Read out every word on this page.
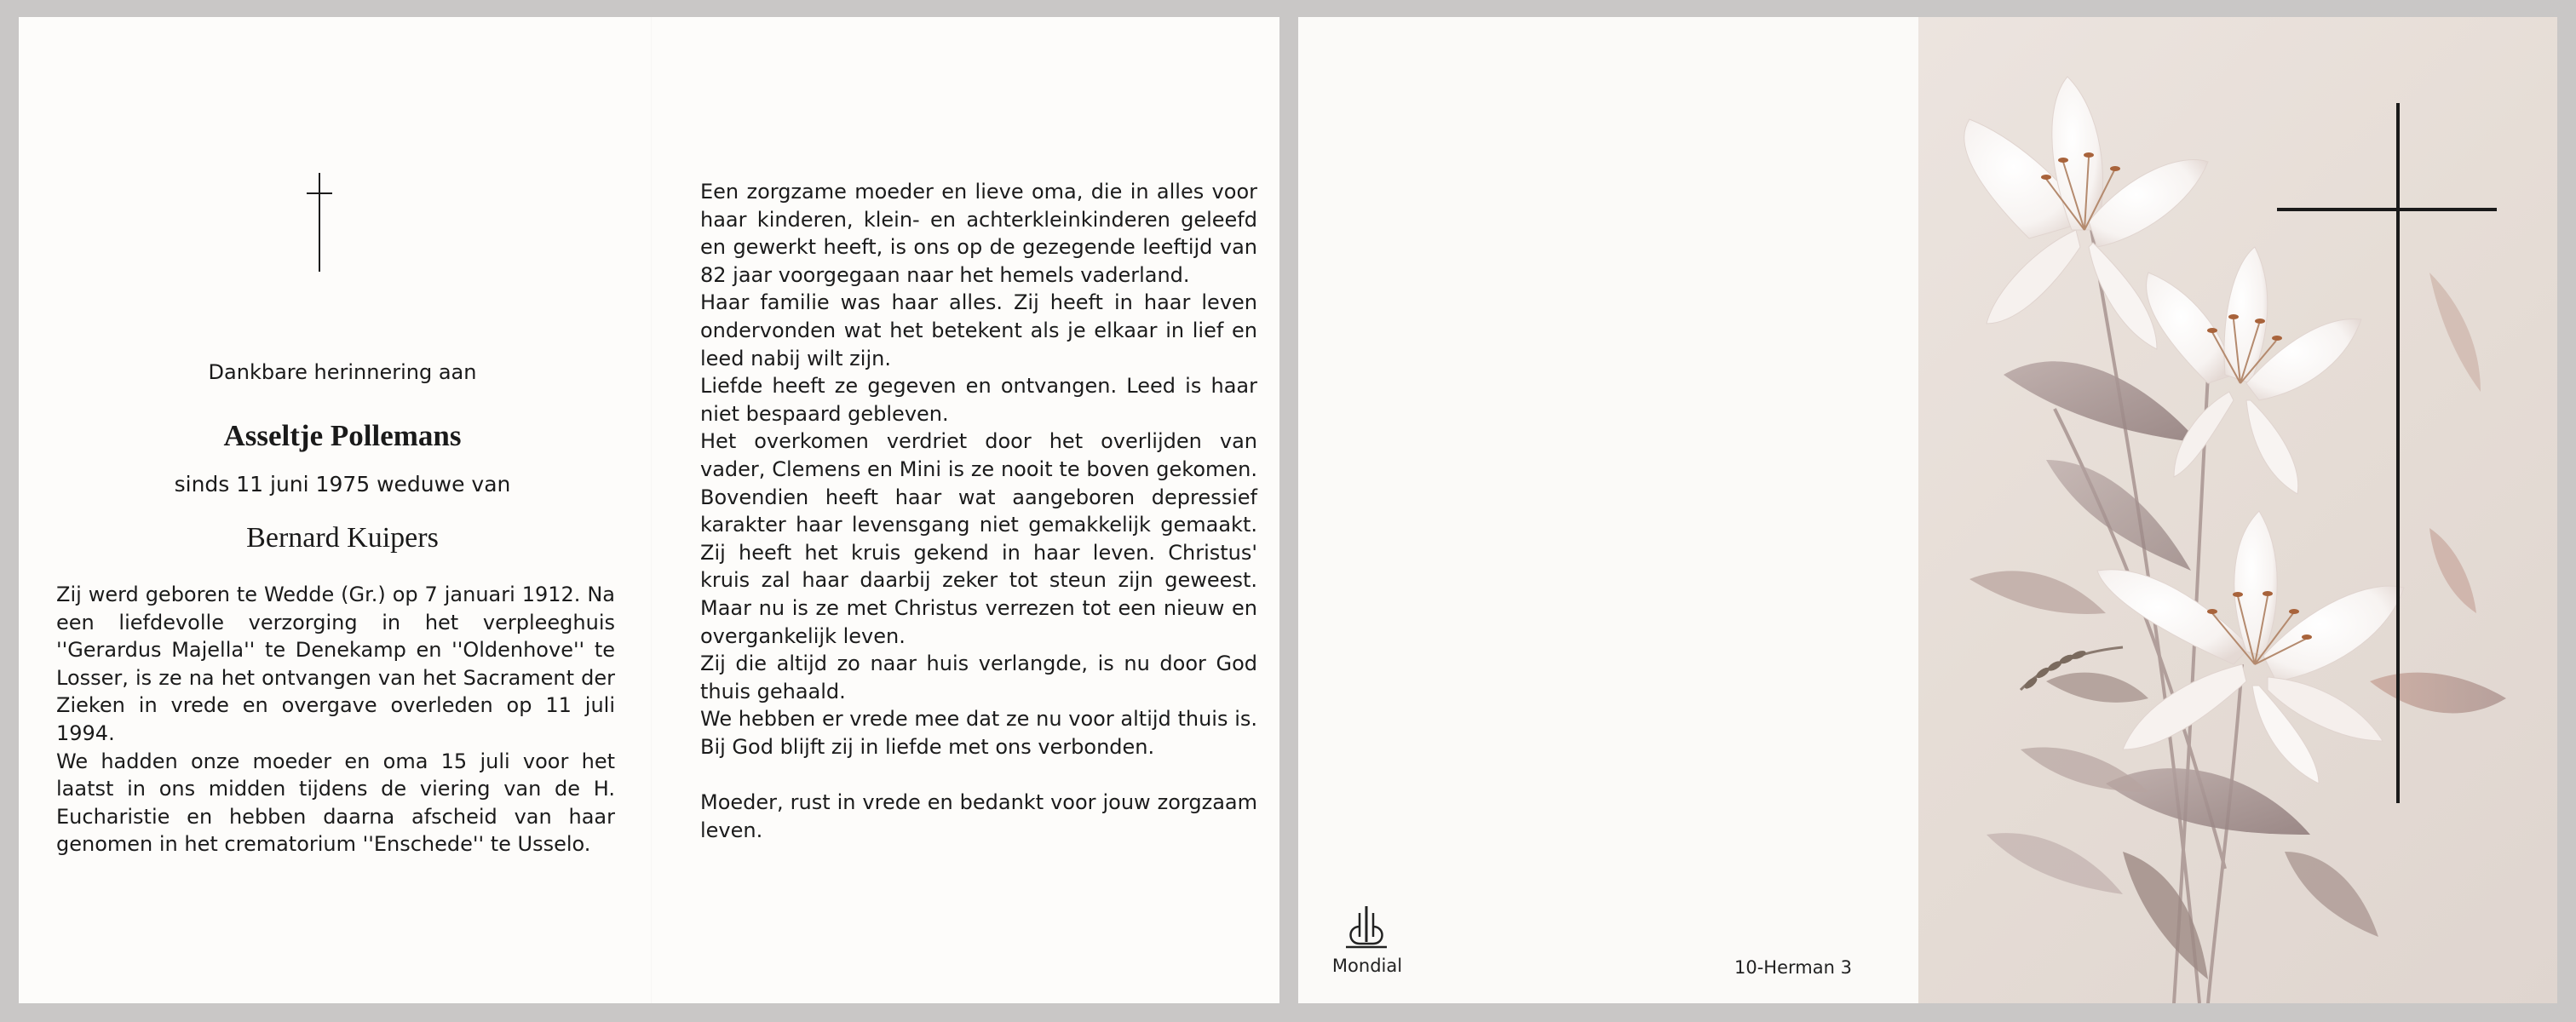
Dankbare herinnering aan
Asseltje Pollemans
sinds 11 juni 1975 weduwe van
Bernard Kuipers

Zij werd geboren te Wedde (Gr.) op 7 januari 1912. Na een liefdevolle verzorging in het verpleeghuis ''Gerardus Majella'' te Denekamp en ''Oldenhove'' te Losser, is ze na het ontvangen van het Sacrament der Zieken in vrede en overgave overleden op 11 juli 1994.

We hadden onze moeder en oma 15 juli voor het laatst in ons midden tijdens de viering van de H. Eucharistie en hebben daarna afscheid van haar genomen in het crematorium ''Enschede'' te Usselo.

Een zorgzame moeder en lieve oma, die in alles voor haar kinderen, klein- en achterkleinkinderen geleefd en gewerkt heeft, is ons op de gezegende leeftijd van 82 jaar voorgegaan naar het hemels vaderland.

Haar familie was haar alles. Zij heeft in haar leven ondervonden wat het betekent als je elkaar in lief en leed nabij wilt zijn.

Liefde heeft ze gegeven en ontvangen. Leed is haar niet bespaard gebleven.

Het overkomen verdriet door het overlijden van vader, Clemens en Mini is ze nooit te boven gekomen. Bovendien heeft haar wat aangeboren depressief karakter haar levensgang niet gemakkelijk gemaakt. Zij heeft het kruis gekend in haar leven. Christus' kruis zal haar daarbij zeker tot steun zijn geweest. Maar nu is ze met Christus verrezen tot een nieuw en overgankelijk leven.

Zij die altijd zo naar huis verlangde, is nu door God thuis gehaald.

We hebben er vrede mee dat ze nu voor altijd thuis is. Bij God blijft zij in liefde met ons verbonden.

Moeder, rust in vrede en bedankt voor jouw zorgzaam leven.

Mondial	10-Herman 3
